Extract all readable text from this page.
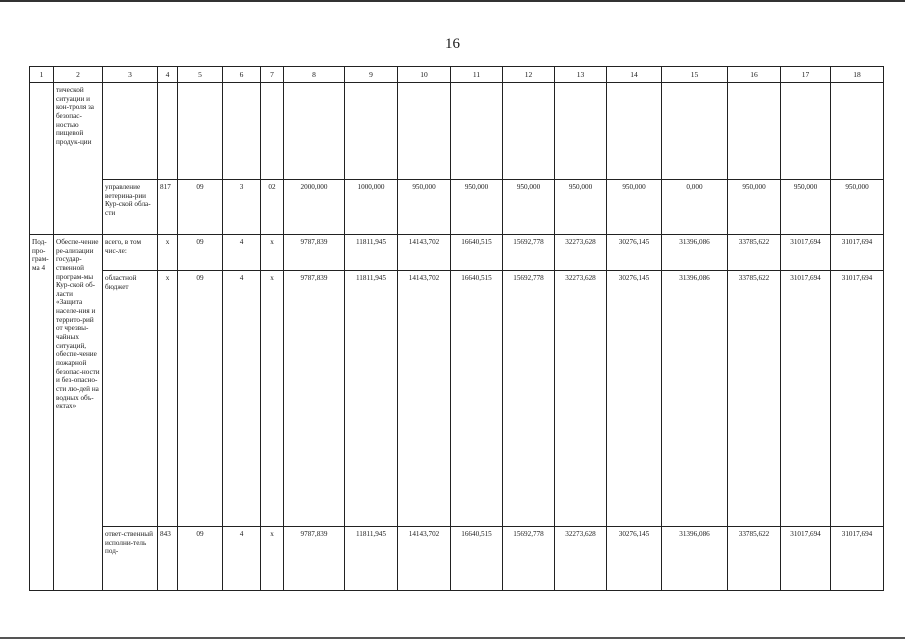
16
1	2	3	4	5	6	7	8	9	10	11	12	13	14	15	16	17	18
	тической ситуации и кон-троля за безопас-ностью пищевой продук-ции																
		управление ветерина-рии Кур-ской обла-сти	817	09	3	02	2000,000	1000,000	950,000	950,000	950,000	950,000	950,000	0,000	950,000	950,000	950,000
Под-про-грам-ма 4	Обеспе-чение ре-ализации государ-ственной програм-мы Кур-ской об-ласти «Защита населе-ния и террито-рий от чрезвы-чайных ситуаций, обеспе-чение пожарной безопас-ности и без-опасно-сти лю-дей на водных объ-ектах»	всего, в том чис-ле:	х	09	4	х	9787,839	11811,945	14143,702	16640,515	15692,778	32273,628	30276,145	31396,086	33785,622	31017,694	31017,694
		областной бюджет	х	09	4	х	9787,839	11811,945	14143,702	16640,515	15692,778	32273,628	30276,145	31396,086	33785,622	31017,694	31017,694
		ответ-ственный исполни-тель под-	843	09	4	х	9787,839	11811,945	14143,702	16640,515	15692,778	32273,628	30276,145	31396,086	33785,622	31017,694	31017,694
